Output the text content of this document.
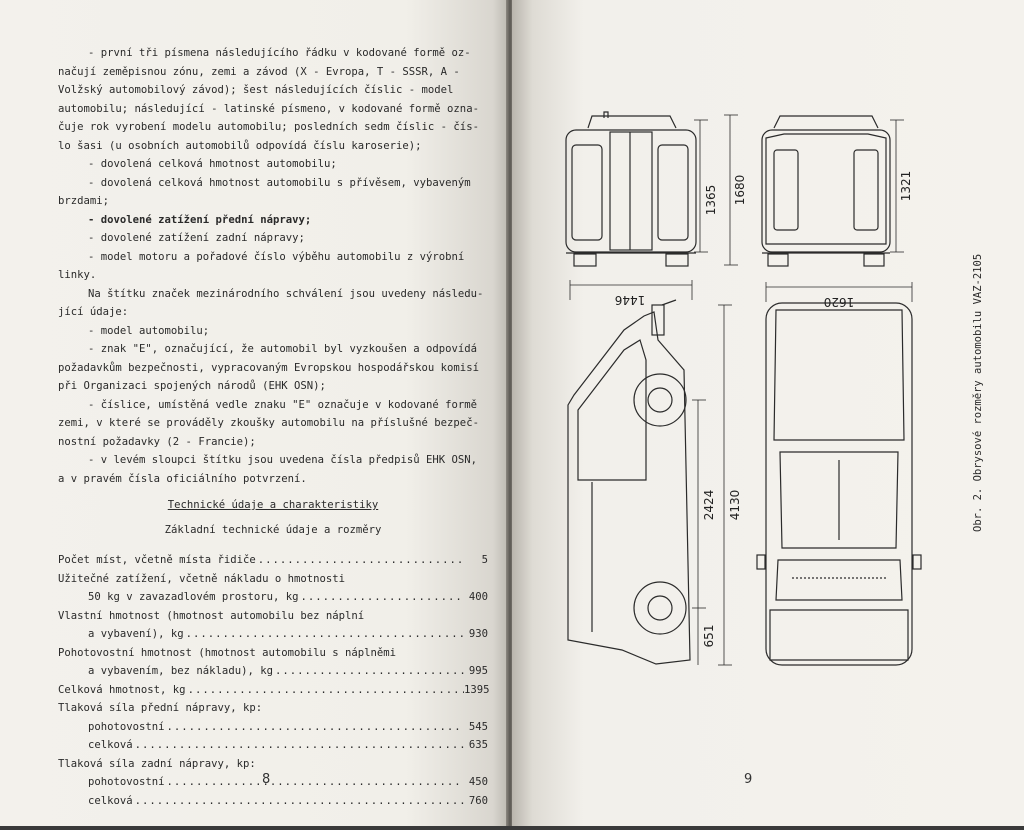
- první tři písmena následujícího řádku v kodované formě oz-

načují zeměpisnou zónu, zemi a závod (X - Evropa, T - SSSR, A -

Volžský automobilový závod); šest následujících číslic - model

automobilu; následující - latinské písmeno, v kodované formě ozna-

čuje rok vyrobení modelu automobilu; posledních sedm číslic - čís-

lo šasi (u osobních automobilů odpovídá číslu karoserie);

- dovolená celková hmotnost automobilu;

- dovolená celková hmotnost automobilu s přívěsem, vybaveným

brzdami;

- dovolené zatížení přední nápravy;

- dovolené zatížení zadní nápravy;

- model motoru a pořadové číslo výběhu automobilu z výrobní

linky.

Na štítku značek mezinárodního schválení jsou uvedeny následu-

jící údaje:

- model automobilu;

- znak "E", označující, že automobil byl vyzkoušen a odpovídá

požadavkům bezpečnosti, vypracovaným Evropskou hospodářskou komisí

při Organizaci spojených národů (EHK OSN);

- číslice, umístěná vedle znaku "E" označuje v kodované formě

zemi, v které se prováděly zkoušky automobilu na příslušné bezpeč-

nostní požadavky (2 - Francie);

- v levém sloupci štítku jsou uvedena čísla předpisů EHK OSN,

a v pravém čísla oficiálního potvrzení.

Technické údaje a charakteristiky

Základní technické údaje a rozměry

Počet míst, včetně místa řidiče .....	5
Užitečné zatížení, včetně nákladu o hmotnosti
50 kg v zavazadlovém prostoru, kg .....	400
Vlastní hmotnost (hmotnost automobilu bez náplní
a vybavení), kg .....	930
Pohotovostní hmotnost (hmotnost automobilu s náplněmi
a vybavením, bez nákladu), kg .....	995
Celková hmotnost, kg .....	1395
Tlaková síla přední nápravy, kp:
pohotovostní .....	545
celková .....	635
Tlaková síla zadní nápravy, kp:
pohotovostní .....	450
celková .....	760
8
1365 1680	1321
1446	1620
2424 4130
651
9
Obr. 2. Obrysové rozměry automobilu VAZ-2105
